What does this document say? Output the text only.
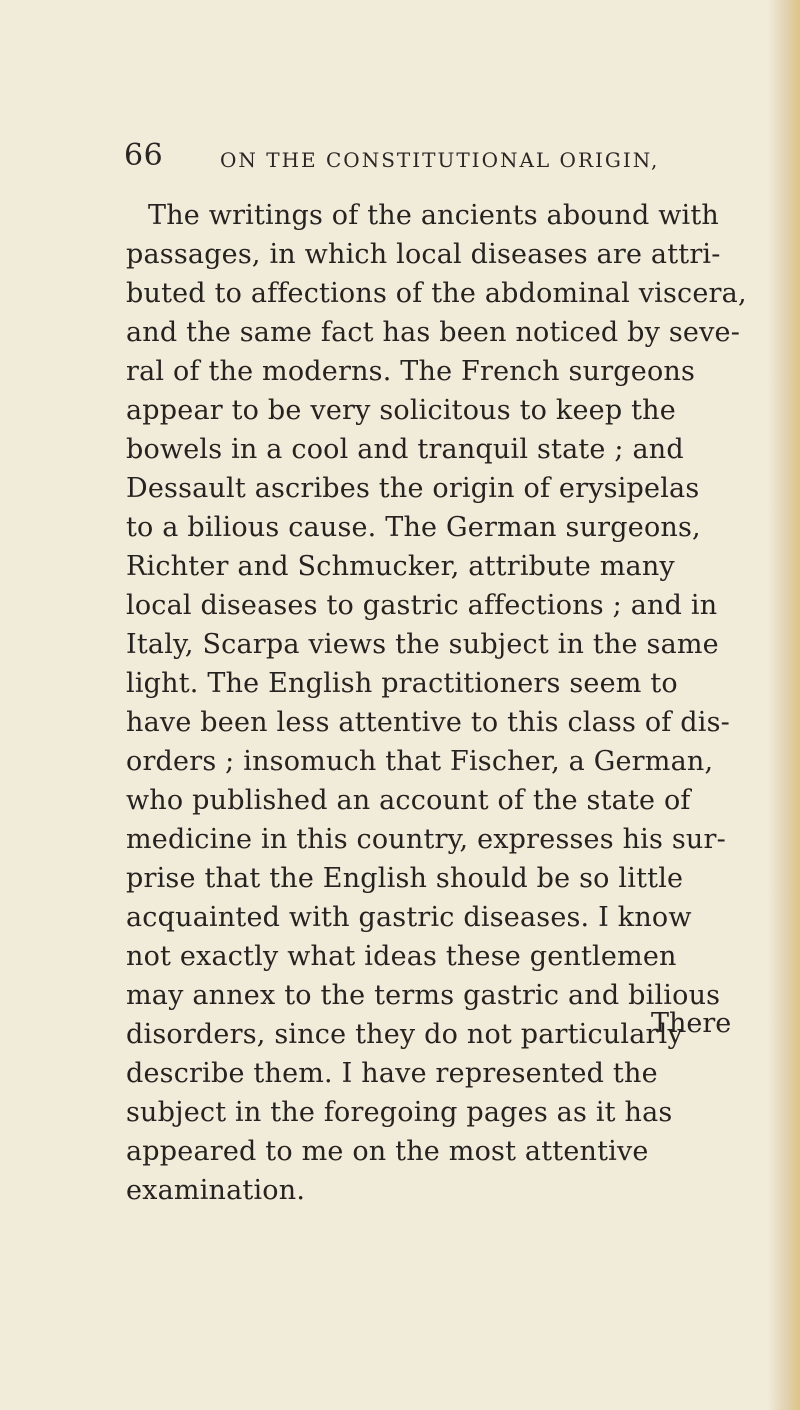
66	ON THE CONSTITUTIONAL ORIGIN,
The writings of the ancients abound with
passages, in which local diseases are attri-
buted to affections of the abdominal viscera,
and the same fact has been noticed by seve-
ral of the moderns. The French surgeons
appear to be very solicitous to keep the
bowels in a cool and tranquil state ; and
Dessault ascribes the origin of erysipelas
to a bilious cause. The German surgeons,
Richter and Schmucker, attribute many
local diseases to gastric affections ; and in
Italy, Scarpa views the subject in the same
light. The English practitioners seem to
have been less attentive to this class of dis-
orders ; insomuch that Fischer, a German,
who published an account of the state of
medicine in this country, expresses his sur-
prise that the English should be so little
acquainted with gastric diseases. I know
not exactly what ideas these gentlemen
may annex to the terms gastric and bilious
disorders, since they do not particularly
describe them. I have represented the
subject in the foregoing pages as it has
appeared to me on the most attentive
examination.
There
